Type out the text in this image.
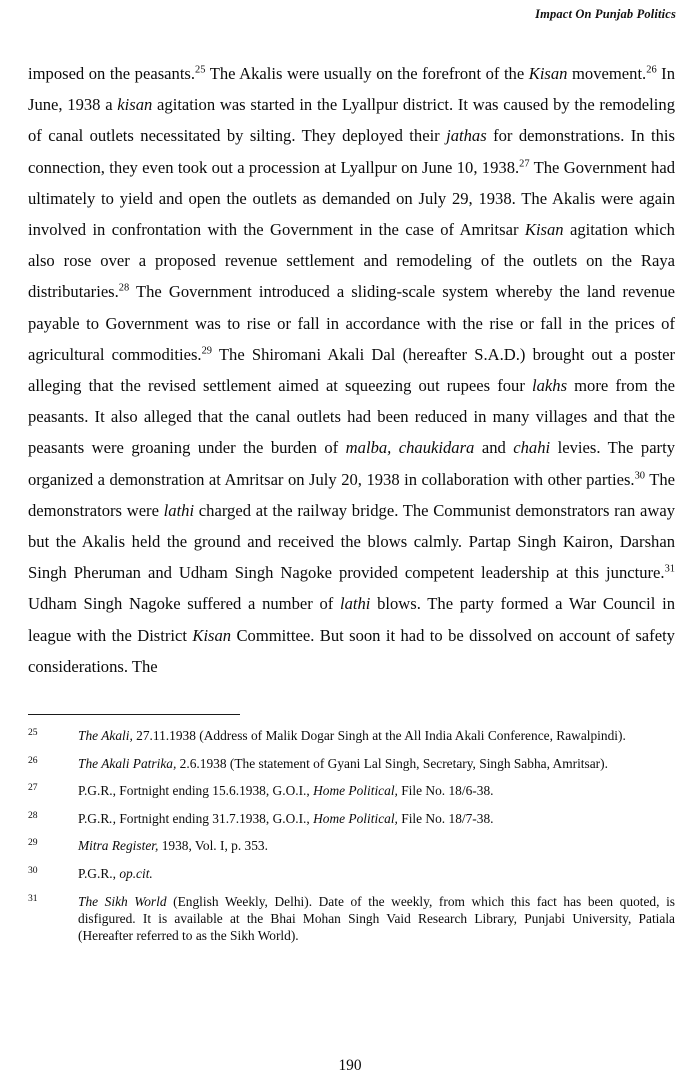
Impact On Punjab Politics

imposed on the peasants.$^{25}$ The Akalis were usually on the forefront of the Kisan movement.$^{26}$ In June, 1938 a kisan agitation was started in the Lyallpur district. It was caused by the remodeling of canal outlets necessitated by silting. They deployed their jathas for demonstrations. In this connection, they even took out a procession at Lyallpur on June 10, 1938.27 The Government had ultimately to yield and open the outlets as demanded on July 29, 1938. The Akalis were again involved in confrontation with the Government in the case of Amritsar Kisan agitation which also rose over a proposed revenue settlement and remodeling of the outlets on the Raya distributaries.$^{28}$ The Government introduced a sliding-scale system whereby the land revenue payable to Government was to rise or fall in accordance with the rise or fall in the prices of agricultural commodities.$^{29}$ The Shiromani Akali Dal (hereafter S.A.D.) brought out a poster alleging that the revised settlement aimed at squeezing out rupees four lakhs more from the peasants. It also alleged that the canal outlets had been reduced in many villages and that the peasants were groaning under the burden of malba, chaukidara and chahi levies. The party organized a demonstration at Amritsar on July 20, 1938 in collaboration with other parties.$^{30}$ The demonstrators were lathi charged at the railway bridge. The Communist demonstrators ran away but the Akalis held the ground and received the blows calmly. Partap Singh Kairon, Darshan Singh Pheruman and Udham Singh Nagoke provided competent leadership at this juncture.$^{31}$ Udham Singh Nagoke suffered a number of lathi blows. The party formed a War Council in league with the District Kisan Committee. But soon it had to be dissolved on account of safety considerations. The

25	The Akali, 27.11.1938 (Address of Malik Dogar Singh at the All India Akali Conference, Rawalpindi).
26	The Akali Patrika, 2.6.1938 (The statement of Gyani Lal Singh, Secretary, Singh Sabha, Amritsar).
27	P.G.R., Fortnight ending 15.6.1938, G.O.I., Home Political, File No. 18/6-38.
28	P.G.R., Fortnight ending 31.7.1938, G.O.I., Home Political, File No. 18/7-38.
29	Mitra Register, 1938, Vol. I, p. 353.
30	P.G.R., op.cit.
31	The Sikh World (English Weekly, Delhi). Date of the weekly, from which this fact has been quoted, is disfigured. It is available at the Bhai Mohan Singh Vaid Research Library, Punjabi University, Patiala (Hereafter referred to as the Sikh World).
190
